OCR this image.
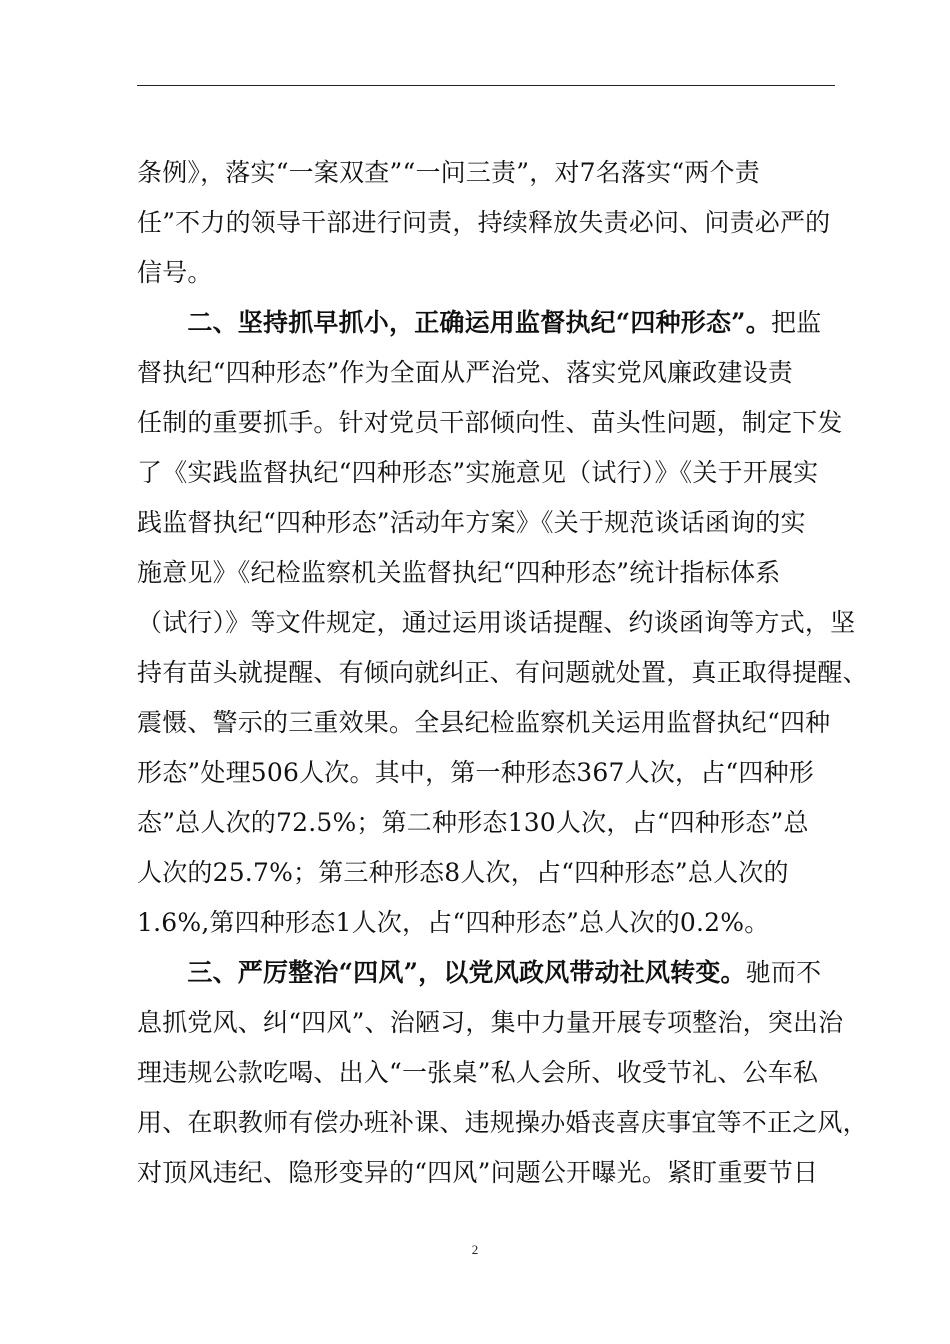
条例》，落实“一案双查”“一问三责”，对7名落实“两个责
任”不力的领导干部进行问责，持续释放失责必问、问责必严的
信号。
　　二、坚持抓早抓小，正确运用监督执纪“四种形态”。把监
督执纪“四种形态”作为全面从严治党、落实党风廉政建设责
任制的重要抓手。针对党员干部倾向性、苗头性问题，制定下发
了《实践监督执纪“四种形态”实施意见（试行）》《关于开展实
践监督执纪“四种形态”活动年方案》《关于规范谈话函询的实
施意见》《纪检监察机关监督执纪“四种形态”统计指标体系
（试行）》等文件规定，通过运用谈话提醒、约谈函询等方式，坚
持有苗头就提醒、有倾向就纠正、有问题就处置，真正取得提醒、
震慑、警示的三重效果。全县纪检监察机关运用监督执纪“四种
形态”处理506人次。其中，第一种形态367人次，占“四种形
态”总人次的72.5%；第二种形态130人次，占“四种形态”总
人次的25.7%；第三种形态8人次，占“四种形态”总人次的
1.6%,第四种形态1人次，占“四种形态”总人次的0.2%。
　　三、严厉整治“四风”，以党风政风带动社风转变。驰而不
息抓党风、纠“四风”、治陋习，集中力量开展专项整治，突出治
理违规公款吃喝、出入“一张桌”私人会所、收受节礼、公车私
用、在职教师有偿办班补课、违规操办婚丧喜庆事宜等不正之风，
对顶风违纪、隐形变异的“四风”问题公开曝光。紧盯重要节日
2
